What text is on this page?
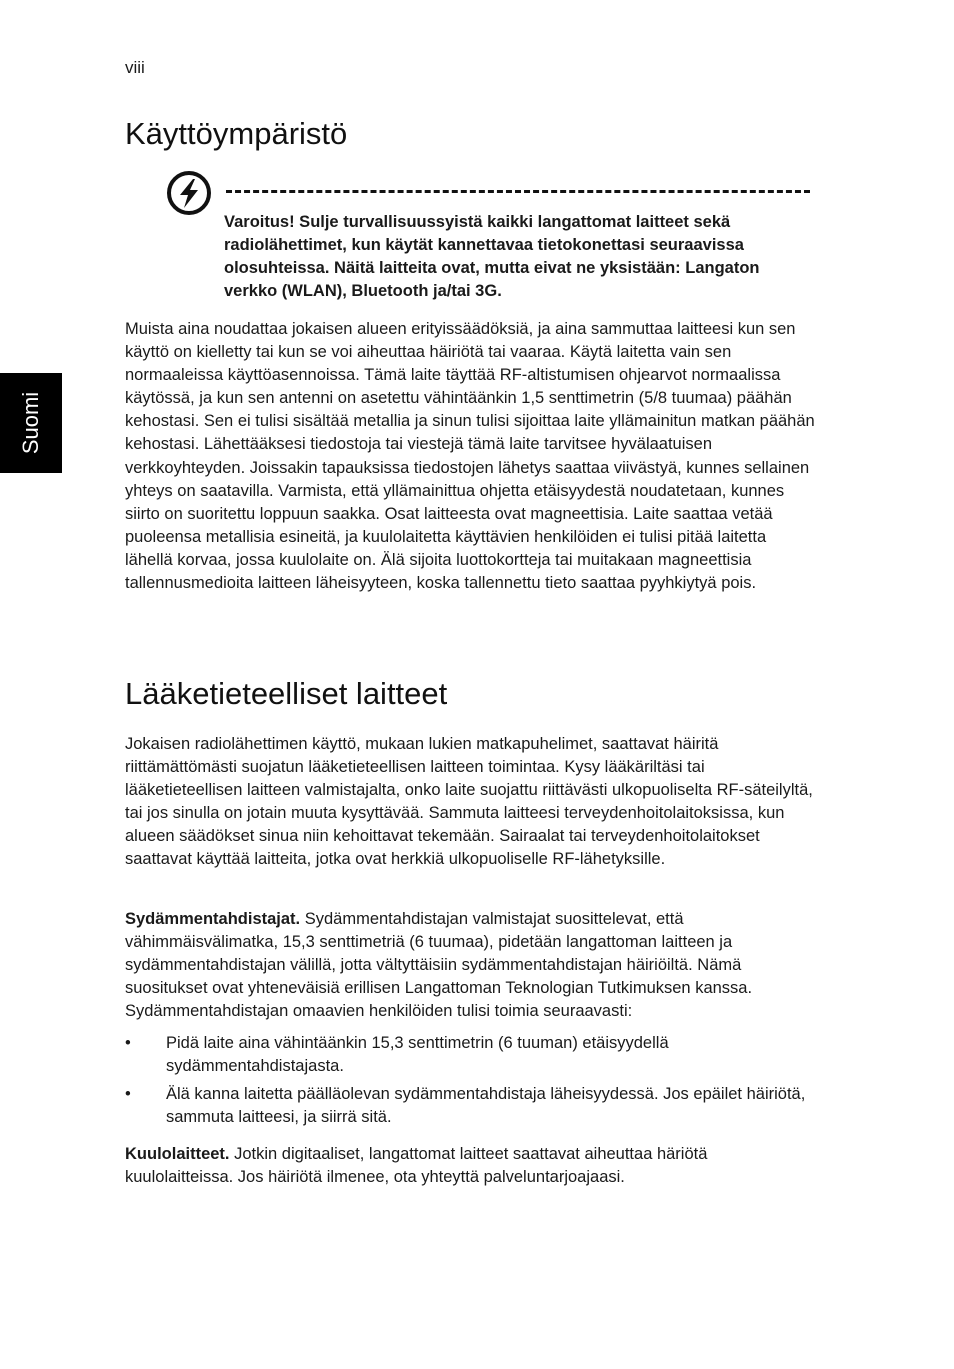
viii
Suomi
Käyttöympäristö

Varoitus! Sulje turvallisuussyistä kaikki langattomat laitteet sekä radiolähettimet, kun käytät kannettavaa tietokonettasi seuraavissa olosuhteissa. Näitä laitteita ovat, mutta eivat ne yksistään: Langaton verkko (WLAN), Bluetooth ja/tai 3G.

Muista aina noudattaa jokaisen alueen erityissäädöksiä, ja aina sammuttaa laitteesi kun sen käyttö on kielletty tai kun se voi aiheuttaa häiriötä tai vaaraa. Käytä laitetta vain sen normaaleissa käyttöasennoissa. Tämä laite täyttää RF-altistumisen ohjearvot normaalissa käytössä, ja kun sen antenni on asetettu vähintäänkin 1,5 senttimetrin (5/8 tuumaa) päähän kehostasi. Sen ei tulisi sisältää metallia ja sinun tulisi sijoittaa laite yllämainitun matkan päähän kehostasi. Lähettääksesi tiedostoja tai viestejä tämä laite tarvitsee hyvälaatuisen verkkoyhteyden. Joissakin tapauksissa tiedostojen lähetys saattaa viivästyä, kunnes sellainen yhteys on saatavilla. Varmista, että yllämainittua ohjetta etäisyydestä noudatetaan, kunnes siirto on suoritettu loppuun saakka. Osat laitteesta ovat magneettisia. Laite saattaa vetää puoleensa metallisia esineitä, ja kuulolaitetta käyttävien henkilöiden ei tulisi pitää laitetta lähellä korvaa, jossa kuulolaite on. Älä sijoita luottokortteja tai muitakaan magneettisia tallennusmedioita laitteen läheisyyteen, koska tallennettu tieto saattaa pyyhkiytyä pois.

Lääketieteelliset laitteet

Jokaisen radiolähettimen käyttö, mukaan lukien matkapuhelimet, saattavat häiritä riittämättömästi suojatun lääketieteellisen laitteen toimintaa. Kysy lääkäriltäsi tai lääketieteellisen laitteen valmistajalta, onko laite suojattu riittävästi ulkopuoliselta RF-säteilyltä, tai jos sinulla on jotain muuta kysyttävää. Sammuta laitteesi terveydenhoitolaitoksissa, kun alueen säädökset sinua niin kehoittavat tekemään. Sairaalat tai terveydenhoitolaitokset saattavat käyttää laitteita, jotka ovat herkkiä ulkopuoliselle RF-lähetyksille.

Sydämmentahdistajat. Sydämmentahdistajan valmistajat suosittelevat, että vähimmäisvälimatka, 15,3 senttimetriä (6 tuumaa), pidetään langattoman laitteen ja sydämmentahdistajan välillä, jotta vältyttäisiin sydämmentahdistajan häiriöiltä. Nämä suositukset ovat yhteneväisiä erillisen Langattoman Teknologian Tutkimuksen kanssa. Sydämmentahdistajan omaavien henkilöiden tulisi toimia seuraavasti:

• Pidä laite aina vähintäänkin 15,3 senttimetrin (6 tuuman) etäisyydellä sydämmentahdistajasta.

• Älä kanna laitetta päälläolevan sydämmentahdistaja läheisyydessä. Jos epäilet häiriötä, sammuta laitteesi, ja siirrä sitä.

Kuulolaitteet. Jotkin digitaaliset, langattomat laitteet saattavat aiheuttaa häriötä kuulolaitteissa. Jos häiriötä ilmenee, ota yhteyttä palveluntarjoajaasi.
